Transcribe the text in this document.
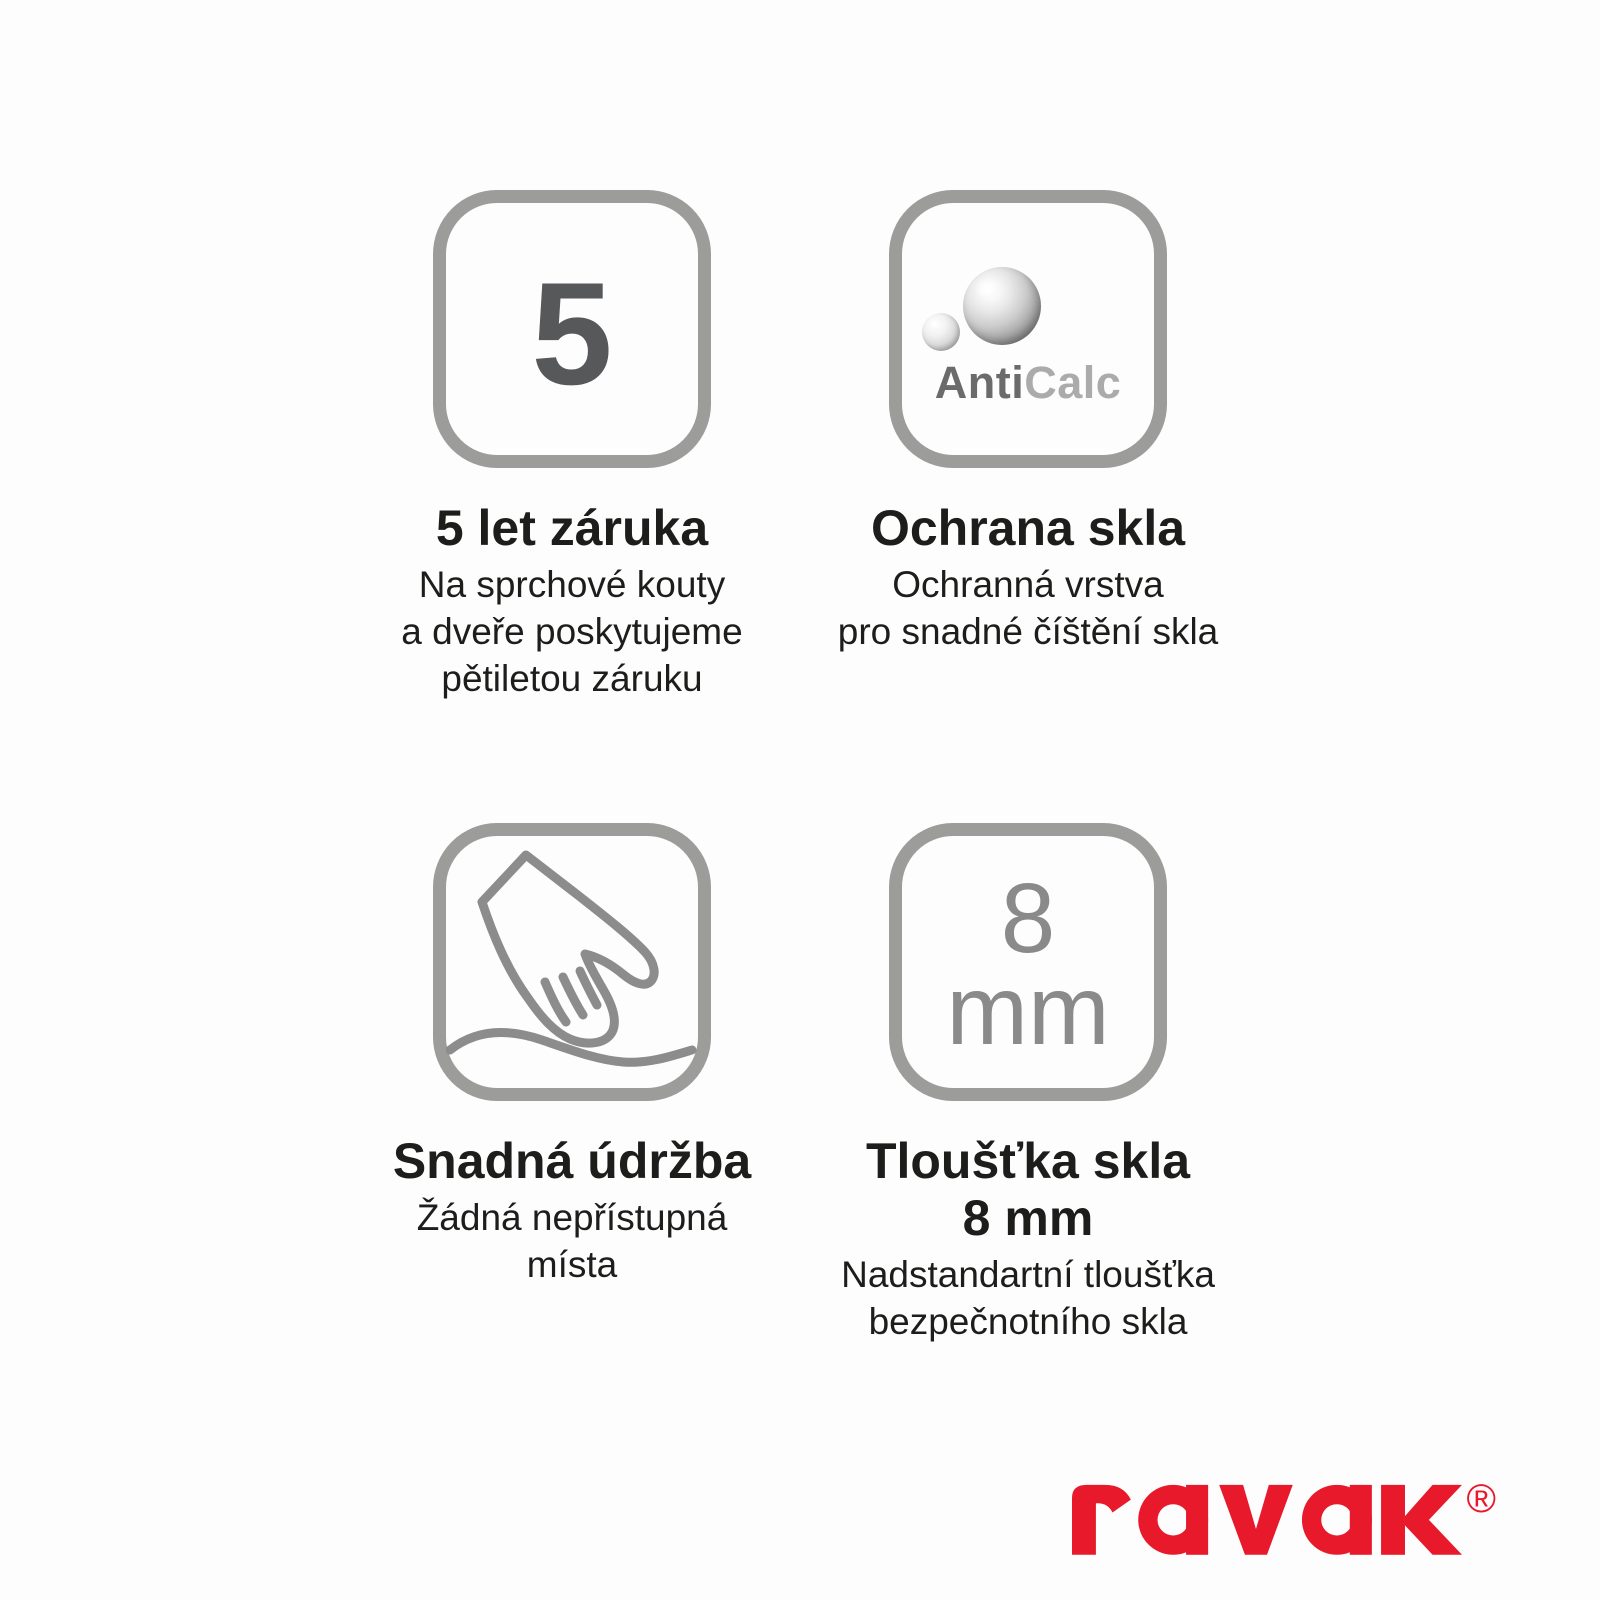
5
5 let záruka

Na sprchové kouty
a dveře poskytujeme
pětiletou záruku

AntiCalc
Ochrana skla

Ochranná vrstva
pro snadné číštění skla

Snadná údržba

Žádná nepřístupná
místa

8
mm
Tloušťka skla
8 mm

Nadstandartní tloušťka
bezpečnotního skla

®
